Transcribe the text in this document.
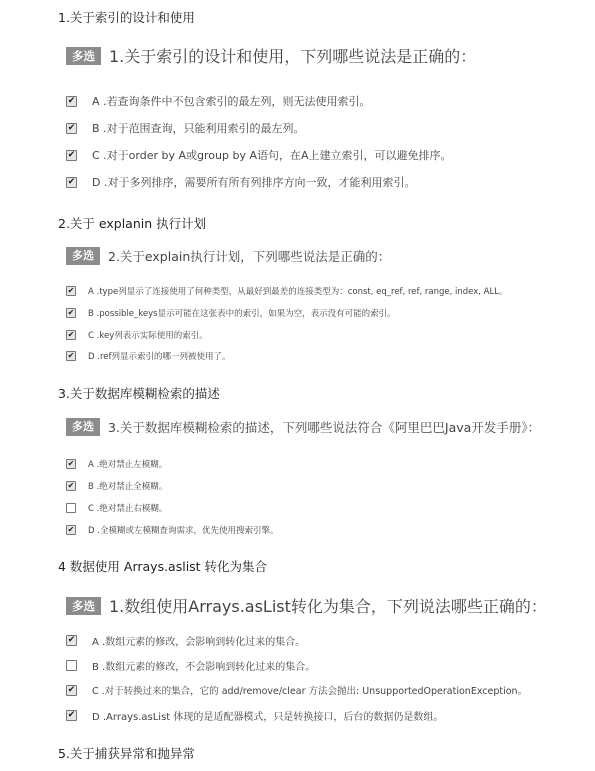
1.关于索引的设计和使用
多选 1.关于索引的设计和使用，下列哪些说法是正确的：
✔ A .若查询条件中不包含索引的最左列，则无法使用索引。
✔ B .对于范围查询，只能利用索引的最左列。
✔ C .对于order by A或group by A语句，在A上建立索引，可以避免排序。
✔ D .对于多列排序，需要所有所有列排序方向一致，才能利用索引。
2.关于 explanin 执行计划
多选	2.关于explain执行计划，下列哪些说法是正确的：
✔ A .type列显示了连接使用了何种类型，从最好到最差的连接类型为：const, eq_ref, ref, range, index, ALL。
✔ B .possible_keys显示可能在这张表中的索引，如果为空，表示没有可能的索引。
✔ C .key列表示实际使用的索引。
✔ D .ref列显示索引的哪一列被使用了。
3.关于数据库模糊检索的描述
多选	3.关于数据库模糊检索的描述，下列哪些说法符合《阿里巴巴Java开发手册》：
✔ A .绝对禁止左模糊。
✔ B .绝对禁止全模糊。
C .绝对禁止右模糊。
✔ D .全模糊或左模糊查询需求，优先使用搜索引擎。
4 数据使用 Arrays.aslist 转化为集合
多选 1.数组使用Arrays.asList转化为集合，下列说法哪些正确的：
✔ A .数组元素的修改，会影响到转化过来的集合。
B .数组元素的修改，不会影响到转化过来的集合。
✔ C .对于转换过来的集合，它的 add/remove/clear 方法会抛出: UnsupportedOperationException。
✔ D .Arrays.asList 体现的是适配器模式，只是转换接口，后台的数据仍是数组。
5.关于捕获异常和抛异常
